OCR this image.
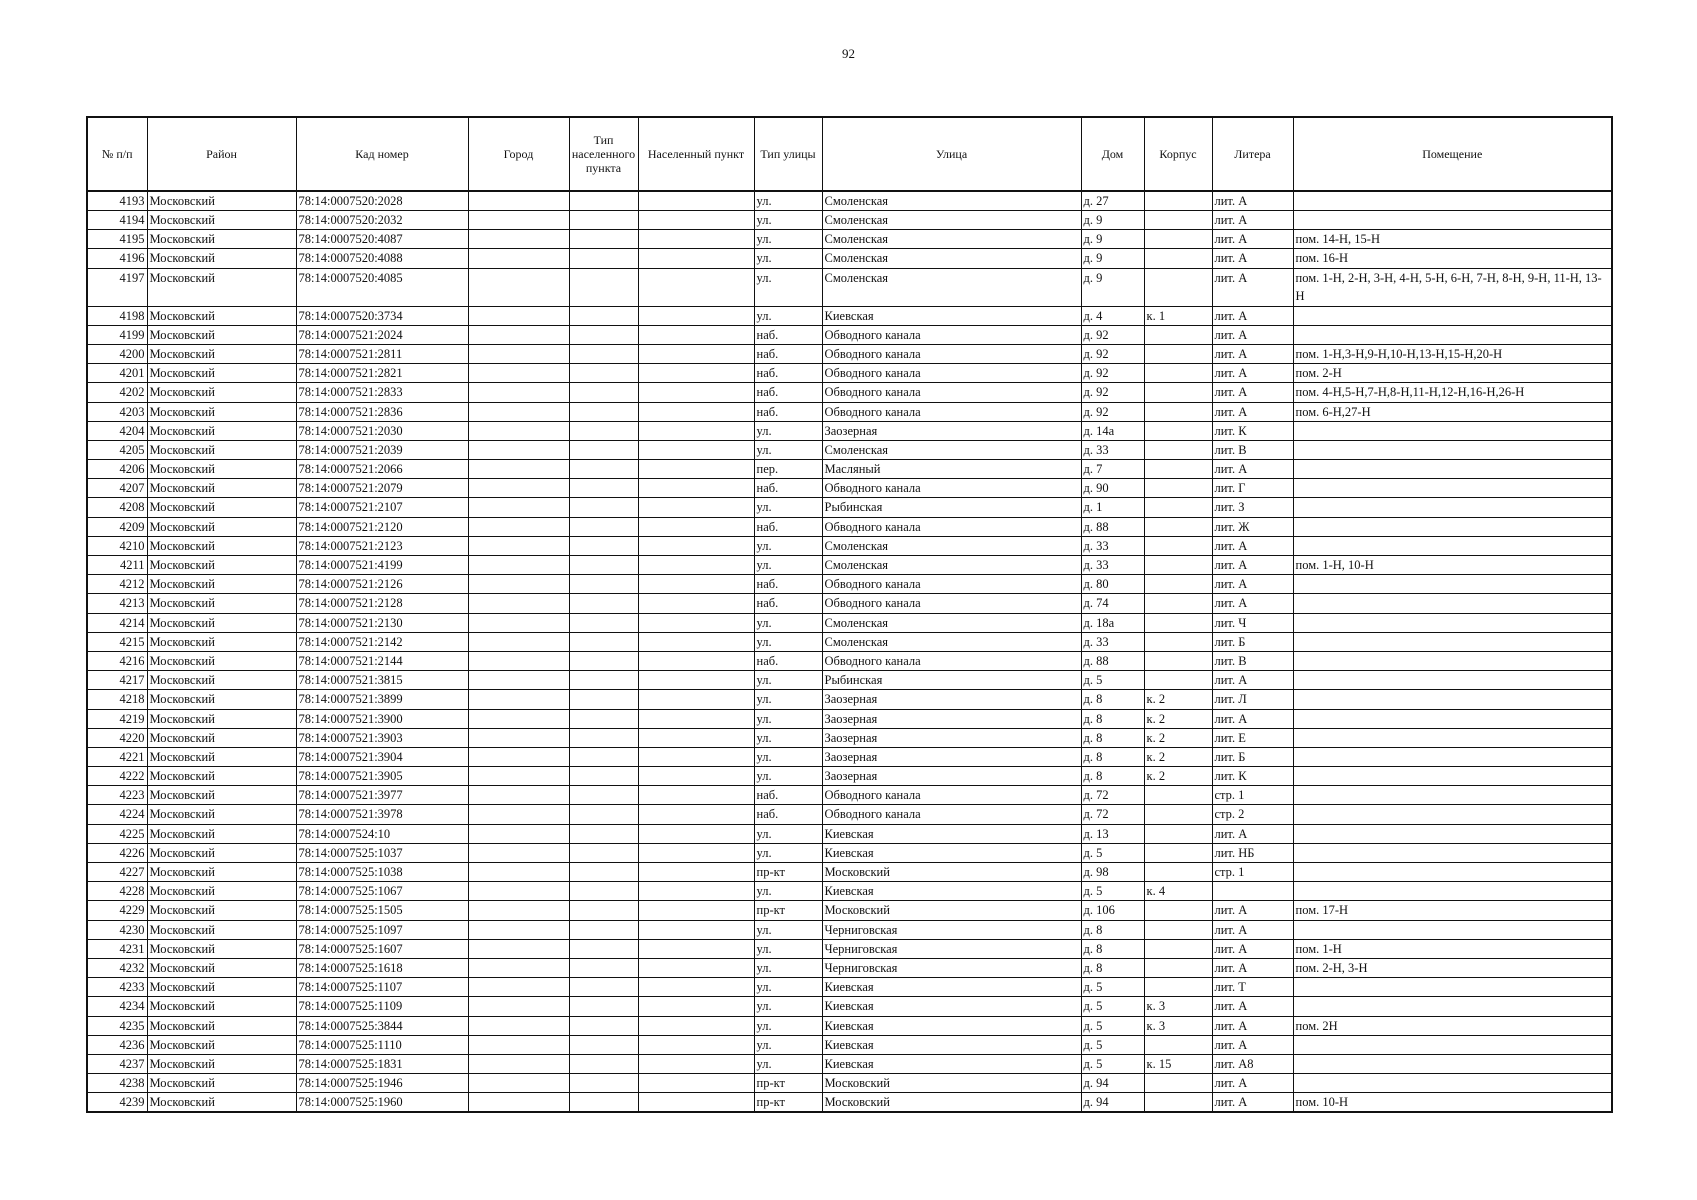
92
№ п/п	Район	Кад номер	Город	Тип населенного пункта	Населенный пункт	Тип улицы	Улица	Дом	Корпус	Литера	Помещение
4193	Московский	78:14:0007520:2028				ул.	Смоленская	д. 27		лит. А	
4194	Московский	78:14:0007520:2032				ул.	Смоленская	д. 9		лит. А	
4195	Московский	78:14:0007520:4087				ул.	Смоленская	д. 9		лит. А	пом. 14-Н, 15-Н
4196	Московский	78:14:0007520:4088				ул.	Смоленская	д. 9		лит. А	пом. 16-Н
4197	Московский	78:14:0007520:4085				ул.	Смоленская	д. 9		лит. А	пом. 1-Н, 2-Н, 3-Н, 4-Н, 5-Н, 6-Н, 7-Н, 8-Н, 9-Н, 11-Н, 13-Н
4198	Московский	78:14:0007520:3734				ул.	Киевская	д. 4	к. 1	лит. А	
4199	Московский	78:14:0007521:2024				наб.	Обводного канала	д. 92		лит. А	
4200	Московский	78:14:0007521:2811				наб.	Обводного канала	д. 92		лит. А	пом. 1-Н,3-Н,9-Н,10-Н,13-Н,15-Н,20-Н
4201	Московский	78:14:0007521:2821				наб.	Обводного канала	д. 92		лит. А	пом. 2-Н
4202	Московский	78:14:0007521:2833				наб.	Обводного канала	д. 92		лит. А	пом. 4-Н,5-Н,7-Н,8-Н,11-Н,12-Н,16-Н,26-Н
4203	Московский	78:14:0007521:2836				наб.	Обводного канала	д. 92		лит. А	пом. 6-Н,27-Н
4204	Московский	78:14:0007521:2030				ул.	Заозерная	д. 14а		лит. К	
4205	Московский	78:14:0007521:2039				ул.	Смоленская	д. 33		лит. В	
4206	Московский	78:14:0007521:2066				пер.	Масляный	д. 7		лит. А	
4207	Московский	78:14:0007521:2079				наб.	Обводного канала	д. 90		лит. Г	
4208	Московский	78:14:0007521:2107				ул.	Рыбинская	д. 1		лит. З	
4209	Московский	78:14:0007521:2120				наб.	Обводного канала	д. 88		лит. Ж	
4210	Московский	78:14:0007521:2123				ул.	Смоленская	д. 33		лит. А	
4211	Московский	78:14:0007521:4199				ул.	Смоленская	д. 33		лит. А	пом. 1-Н, 10-Н
4212	Московский	78:14:0007521:2126				наб.	Обводного канала	д. 80		лит. А	
4213	Московский	78:14:0007521:2128				наб.	Обводного канала	д. 74		лит. А	
4214	Московский	78:14:0007521:2130				ул.	Смоленская	д. 18а		лит. Ч	
4215	Московский	78:14:0007521:2142				ул.	Смоленская	д. 33		лит. Б	
4216	Московский	78:14:0007521:2144				наб.	Обводного канала	д. 88		лит. В	
4217	Московский	78:14:0007521:3815				ул.	Рыбинская	д. 5		лит. А	
4218	Московский	78:14:0007521:3899				ул.	Заозерная	д. 8	к. 2	лит. Л	
4219	Московский	78:14:0007521:3900				ул.	Заозерная	д. 8	к. 2	лит. А	
4220	Московский	78:14:0007521:3903				ул.	Заозерная	д. 8	к. 2	лит. Е	
4221	Московский	78:14:0007521:3904				ул.	Заозерная	д. 8	к. 2	лит. Б	
4222	Московский	78:14:0007521:3905				ул.	Заозерная	д. 8	к. 2	лит. К	
4223	Московский	78:14:0007521:3977				наб.	Обводного канала	д. 72		стр. 1	
4224	Московский	78:14:0007521:3978				наб.	Обводного канала	д. 72		стр. 2	
4225	Московский	78:14:0007524:10				ул.	Киевская	д. 13		лит. А	
4226	Московский	78:14:0007525:1037				ул.	Киевская	д. 5		лит. НБ	
4227	Московский	78:14:0007525:1038				пр-кт	Московский	д. 98		стр. 1	
4228	Московский	78:14:0007525:1067				ул.	Киевская	д. 5	к. 4		
4229	Московский	78:14:0007525:1505				пр-кт	Московский	д. 106		лит. А	пом. 17-Н
4230	Московский	78:14:0007525:1097				ул.	Черниговская	д. 8		лит. А	
4231	Московский	78:14:0007525:1607				ул.	Черниговская	д. 8		лит. А	пом. 1-Н
4232	Московский	78:14:0007525:1618				ул.	Черниговская	д. 8		лит. А	пом. 2-Н, 3-Н
4233	Московский	78:14:0007525:1107				ул.	Киевская	д. 5		лит. Т	
4234	Московский	78:14:0007525:1109				ул.	Киевская	д. 5	к. 3	лит. А	
4235	Московский	78:14:0007525:3844				ул.	Киевская	д. 5	к. 3	лит. А	пом. 2Н
4236	Московский	78:14:0007525:1110				ул.	Киевская	д. 5		лит. А	
4237	Московский	78:14:0007525:1831				ул.	Киевская	д. 5	к. 15	лит. А8	
4238	Московский	78:14:0007525:1946				пр-кт	Московский	д. 94		лит. А	
4239	Московский	78:14:0007525:1960				пр-кт	Московский	д. 94		лит. А	пом. 10-Н
